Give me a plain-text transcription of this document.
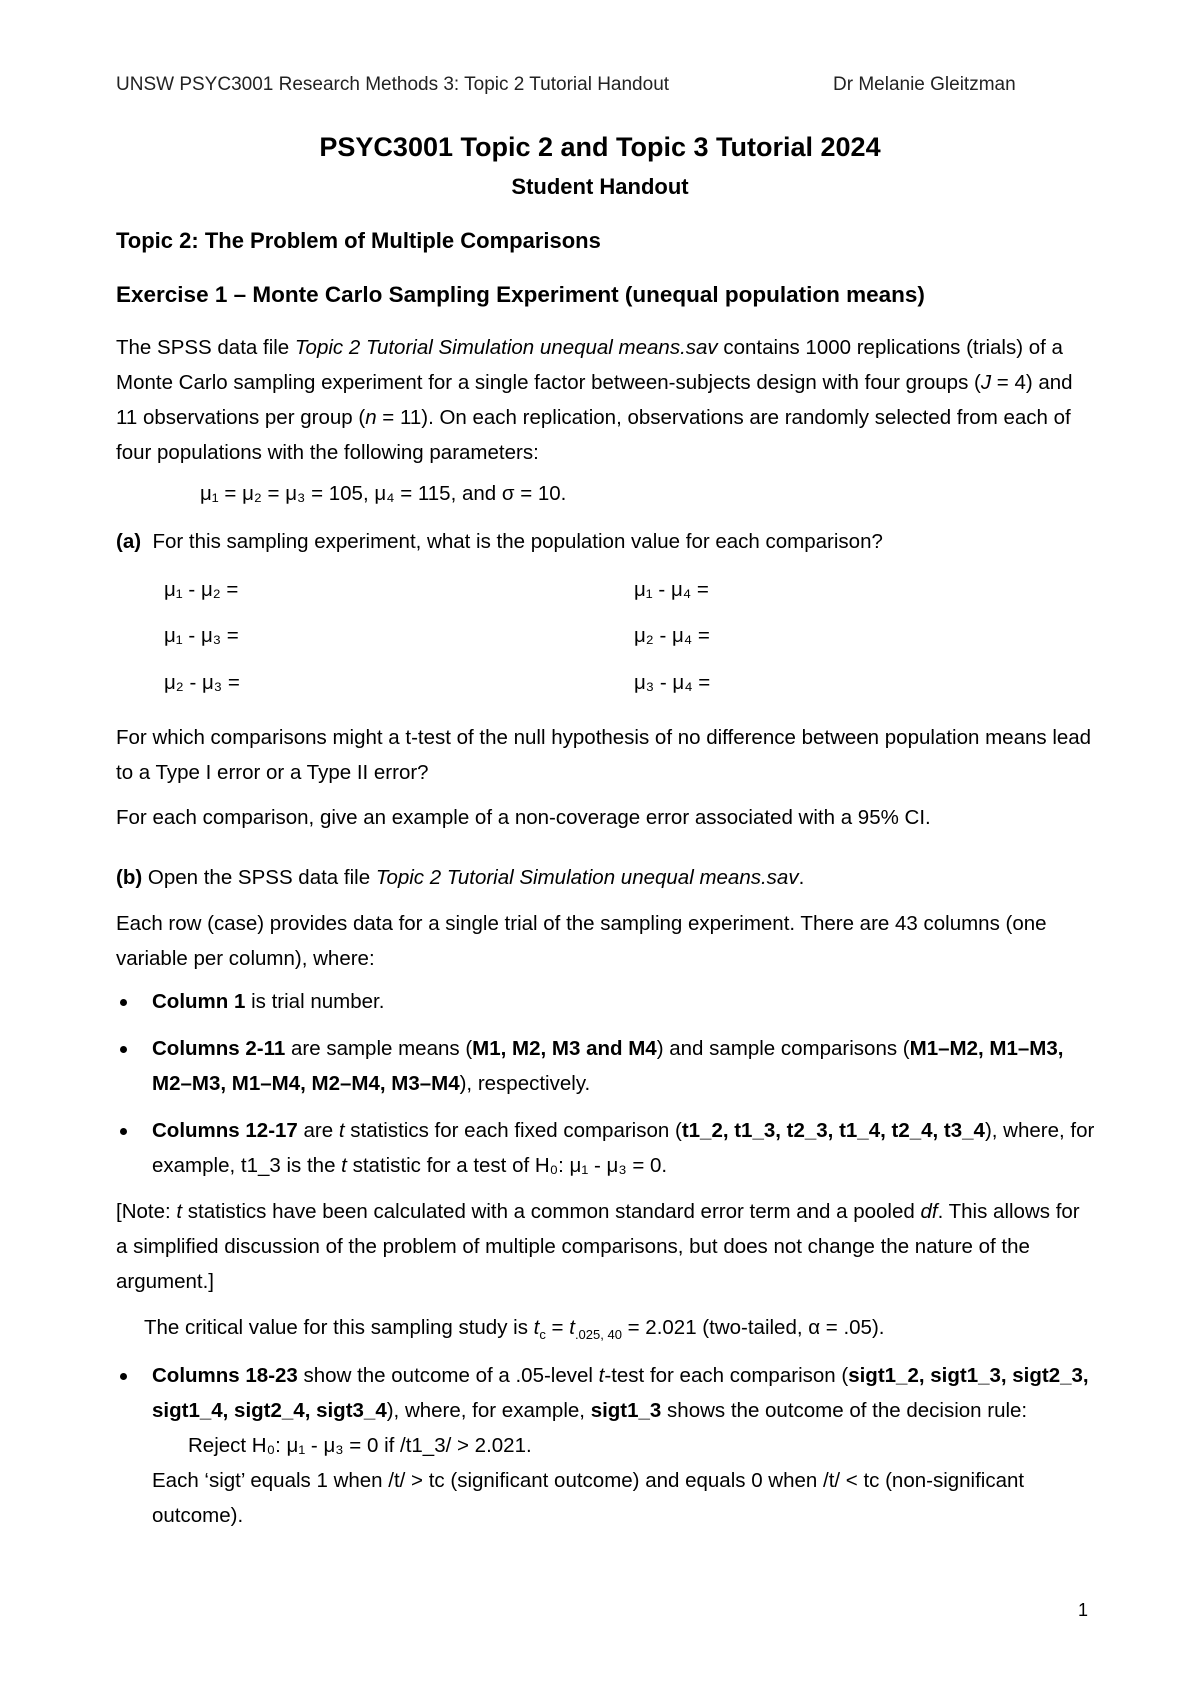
UNSW PSYC3001 Research Methods 3: Topic 2 Tutorial Handout	Dr Melanie Gleitzman
PSYC3001 Topic 2 and Topic 3 Tutorial 2024
Student Handout
Topic 2: The Problem of Multiple Comparisons
Exercise 1 – Monte Carlo Sampling Experiment (unequal population means)

The SPSS data file Topic 2 Tutorial Simulation unequal means.sav contains 1000 replications (trials) of a Monte Carlo sampling experiment for a single factor between-subjects design with four groups (J = 4) and 11 observations per group (n = 11). On each replication, observations are randomly selected from each of four populations with the following parameters:

μ₁ = μ₂ = μ₃ = 105, μ₄ = 115, and σ = 10.

(a) For this sampling experiment, what is the population value for each comparison?

μ₁ - μ₂ =
μ₁ - μ₃ =
μ₂ - μ₃ =
μ₁ - μ₄ =
μ₂ - μ₄ =
μ₃ - μ₄ =

For which comparisons might a t-test of the null hypothesis of no difference between population means lead to a Type I error or a Type II error?

For each comparison, give an example of a non-coverage error associated with a 95% CI.

(b) Open the SPSS data file Topic 2 Tutorial Simulation unequal means.sav.

Each row (case) provides data for a single trial of the sampling experiment. There are 43 columns (one variable per column), where:

Column 1 is trial number.
Columns 2-11 are sample means (M1, M2, M3 and M4) and sample comparisons (M1–M2, M1–M3, M2–M3, M1–M4, M2–M4, M3–M4), respectively.
Columns 12-17 are t statistics for each fixed comparison (t1_2, t1_3, t2_3, t1_4, t2_4, t3_4), where, for example, t1_3 is the t statistic for a test of H₀: μ₁ - μ₃ = 0.

[Note: t statistics have been calculated with a common standard error term and a pooled df. This allows for a simplified discussion of the problem of multiple comparisons, but does not change the nature of the argument.]

The critical value for this sampling study is $t_c = t_{.025, 40} = 2.021$ (two-tailed, α = .05).
Columns 18-23 show the outcome of a .05-level t-test for each comparison (sigt1_2, sigt1_3, sigt2_3, sigt1_4, sigt2_4, sigt3_4), where, for example, sigt1_3 shows the outcome of the decision rule:
Reject H₀: μ₁ - μ₃ = 0 if /t1_3/ > 2.021.
Each ‘sigt’ equals 1 when /t/ > tc (significant outcome) and equals 0 when /t/ < tc (non-significant outcome).
1
